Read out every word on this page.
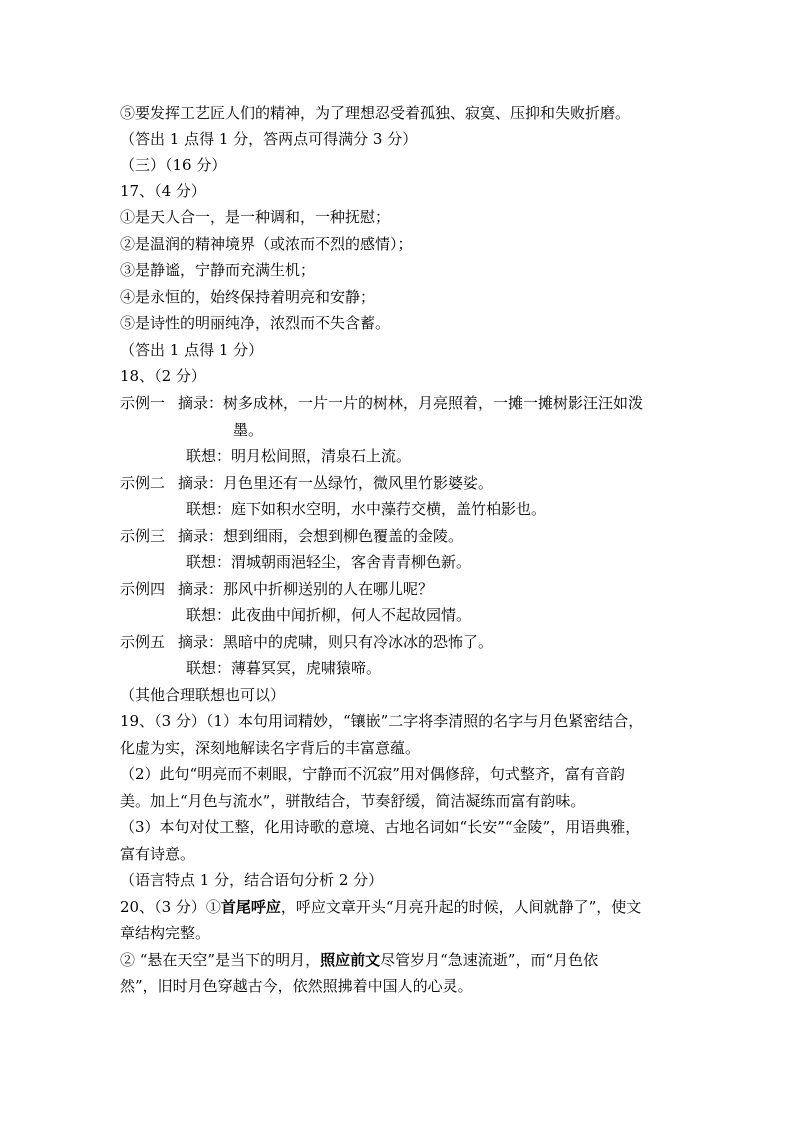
⑤要发挥工艺匠人们的精神，为了理想忍受着孤独、寂寞、压抑和失败折磨。
（答出 1 点得 1 分，答两点可得满分 3 分）
（三）（16 分）
17、（4 分）
①是天人合一，是一种调和，一种抚慰；
②是温润的精神境界（或浓而不烈的感情）；
③是静谧，宁静而充满生机；
④是永恒的，始终保持着明亮和安静；
⑤是诗性的明丽纯净，浓烈而不失含蓄。
（答出 1 点得 1 分）
18、（2 分）
示例一 摘录：树多成林，一片一片的树林，月亮照着，一摊一摊树影汪汪如泼
墨。
联想：明月松间照，清泉石上流。
示例二 摘录：月色里还有一丛绿竹，微风里竹影婆娑。
联想：庭下如积水空明，水中藻荇交横，盖竹柏影也。
示例三 摘录：想到细雨，会想到柳色覆盖的金陵。
联想：渭城朝雨浥轻尘，客舍青青柳色新。
示例四 摘录：那风中折柳送别的人在哪儿呢？
联想：此夜曲中闻折柳，何人不起故园情。
示例五 摘录：黑暗中的虎啸，则只有冷冰冰的恐怖了。
联想：薄暮冥冥，虎啸猿啼。
（其他合理联想也可以）
19、（3 分）（1）本句用词精妙，“镶嵌”二字将李清照的名字与月色紧密结合，
化虚为实，深刻地解读名字背后的丰富意蕴。
（2）此句“明亮而不刺眼，宁静而不沉寂”用对偶修辞，句式整齐，富有音韵
美。加上“月色与流水”，骈散结合，节奏舒缓，简洁凝练而富有韵味。
（3）本句对仗工整，化用诗歌的意境、古地名词如“长安”“金陵”，用语典雅，
富有诗意。
（语言特点 1 分，结合语句分析 2 分）
20、（3 分）①首尾呼应，呼应文章开头“月亮升起的时候，人间就静了”，使文
章结构完整。
② “悬在天空”是当下的明月，照应前文尽管岁月“急速流逝”，而“月色依
然”，旧时月色穿越古今，依然照拂着中国人的心灵。
